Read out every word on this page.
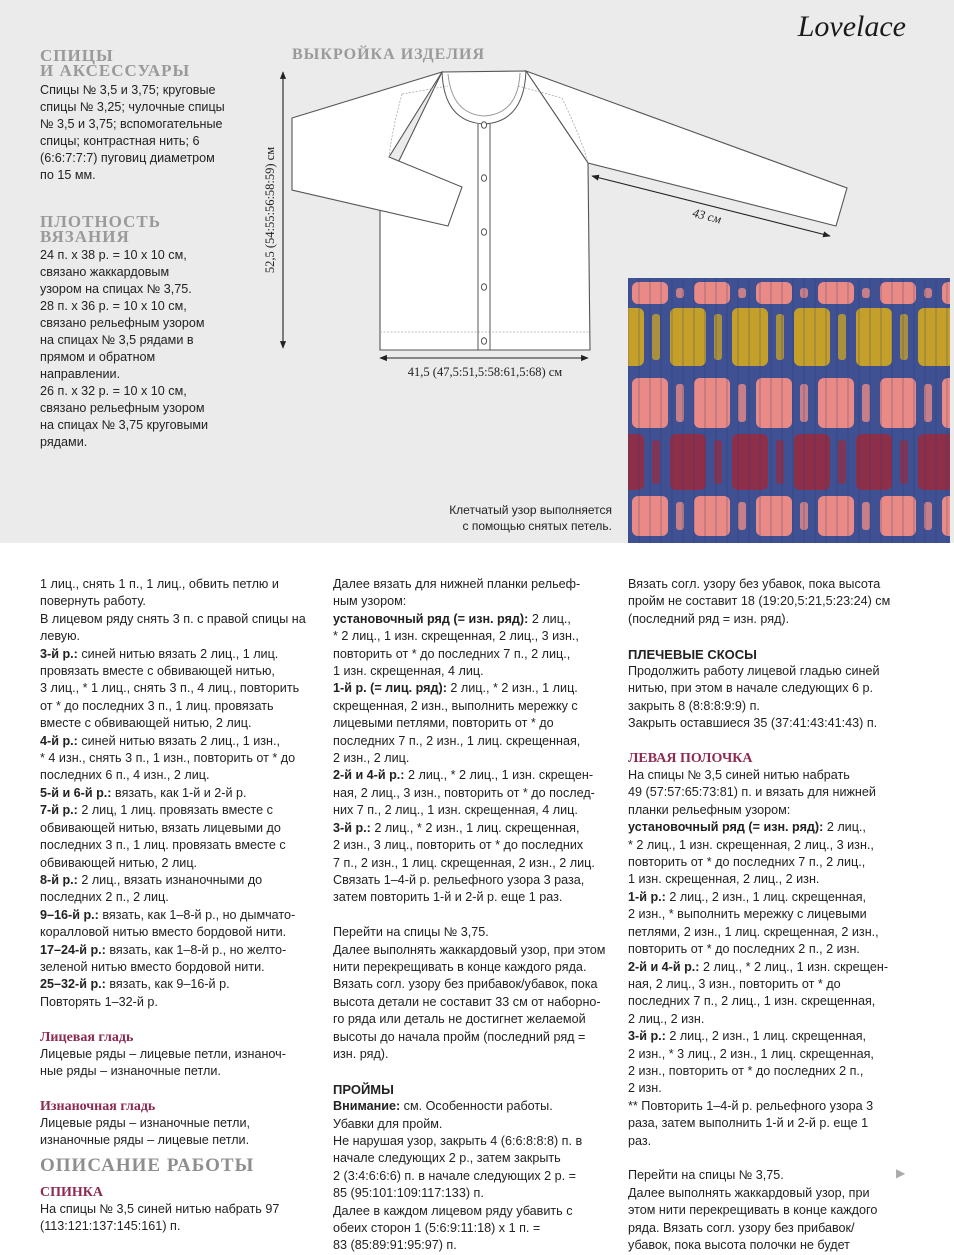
Lovelace
СПИЦЫ
И АКСЕССУАРЫ
Спицы № 3,5 и 3,75; круговые
спицы № 3,25; чулочные спицы
№ 3,5 и 3,75; вспомогательные
спицы; контрастная нить; 6
(6:6:7:7:7) пуговиц диаметром
по 15 мм.
ПЛОТНОСТЬ
ВЯЗАНИЯ
24 п. х 38 р. = 10 х 10 см,
связано жаккардовым
узором на спицах № 3,75.
28 п. х 36 р. = 10 х 10 см,
связано рельефным узором
на спицах № 3,5 рядами в
прямом и обратном
направлении.
26 п. х 32 р. = 10 х 10 см,
связано рельефным узором
на спицах № 3,75 круговыми
рядами.
ВЫКРОЙКА ИЗДЕЛИЯ
52,5 (54:55:56:58:59) см
41,5 (47,5:51,5:58:61,5:68) см
43 см
Клетчатый узор выполняется
с помощью снятых петель.

1 лиц., снять 1 п., 1 лиц., обвить петлю и
повернуть работу.
В лицевом ряду снять 3 п. с правой спицы на
левую.
3-й р.: синей нитью вязать 2 лиц., 1 лиц.
провязать вместе с обвивающей нитью,
3 лиц., * 1 лиц., снять 3 п., 4 лиц., повторить
от * до последних 3 п., 1 лиц. провязать
вместе с обвивающей нитью, 2 лиц.
4-й р.: синей нитью вязать 2 лиц., 1 изн.,
* 4 изн., снять 3 п., 1 изн., повторить от * до
последних 6 п., 4 изн., 2 лиц.
5-й и 6-й р.: вязать, как 1-й и 2-й р.
7-й р.: 2 лиц, 1 лиц. провязать вместе с
обвивающей нитью, вязать лицевыми до
последних 3 п., 1 лиц. провязать вместе с
обвивающей нитью, 2 лиц.
8-й р.: 2 лиц., вязать изнаночными до
последних 2 п., 2 лиц.
9–16-й р.: вязать, как 1–8-й р., но дымчато-
коралловой нитью вместо бордовой нити.
17–24-й р.: вязать, как 1–8-й р., но желто-
зеленой нитью вместо бордовой нити.
25–32-й р.: вязать, как 9–16-й р.
Повторять 1–32-й р.

Лицевая гладь

Лицевые ряды – лицевые петли, изнаноч-
ные ряды – изнаночные петли.

Изнаночная гладь

Лицевые ряды – изнаночные петли,
изнаночные ряды – лицевые петли.

ОПИСАНИЕ РАБОТЫ
СПИНКА

На спицы № 3,5 синей нитью набрать 97
(113:121:137:145:161) п.

Далее вязать для нижней планки рельеф-
ным узором:
установочный ряд (= изн. ряд): 2 лиц.,
* 2 лиц., 1 изн. скрещенная, 2 лиц., 3 изн.,
повторить от * до последних 7 п., 2 лиц.,
1 изн. скрещенная, 4 лиц.
1-й р. (= лиц. ряд): 2 лиц., * 2 изн., 1 лиц.
скрещенная, 2 изн., выполнить мережку с
лицевыми петлями, повторить от * до
последних 7 п., 2 изн., 1 лиц. скрещенная,
2 изн., 2 лиц.
2-й и 4-й р.: 2 лиц., * 2 лиц., 1 изн. скрещен-
ная, 2 лиц., 3 изн., повторить от * до послед-
них 7 п., 2 лиц., 1 изн. скрещенная, 4 лиц.
3-й р.: 2 лиц., * 2 изн., 1 лиц. скрещенная,
2 изн., 3 лиц., повторить от * до последних
7 п., 2 изн., 1 лиц. скрещенная, 2 изн., 2 лиц.
Связать 1–4-й р. рельефного узора 3 раза,
затем повторить 1-й и 2-й р. еще 1 раз.

Перейти на спицы № 3,75.
Далее выполнять жаккардовый узор, при этом
нити перекрещивать в конце каждого ряда.
Вязать согл. узору без прибавок/убавок, пока
высота детали не составит 33 см от наборно-
го ряда или деталь не достигнет желаемой
высоты до начала пройм (последний ряд =
изн. ряд).

ПРОЙМЫ

Внимание: см. Особенности работы.
Убавки для пройм.
Не нарушая узор, закрыть 4 (6:6:8:8:8) п. в
начале следующих 2 р., затем закрыть
2 (3:4:6:6:6) п. в начале следующих 2 р. =
85 (95:101:109:117:133) п.
Далее в каждом лицевом ряду убавить с
обеих сторон 1 (5:6:9:11:18) х 1 п. =
83 (85:89:91:95:97) п.

Вязать согл. узору без убавок, пока высота
пройм не составит 18 (19:20,5:21,5:23:24) см
(последний ряд = изн. ряд).

ПЛЕЧЕВЫЕ СКОСЫ

Продолжить работу лицевой гладью синей
нитью, при этом в начале следующих 6 р.
закрыть 8 (8:8:8:9:9) п.
Закрыть оставшиеся 35 (37:41:43:41:43) п.

ЛЕВАЯ ПОЛОЧКА

На спицы № 3,5 синей нитью набрать
49 (57:57:65:73:81) п. и вязать для нижней
планки рельефным узором:
установочный ряд (= изн. ряд): 2 лиц.,
* 2 лиц., 1 изн. скрещенная, 2 лиц., 3 изн.,
повторить от * до последних 7 п., 2 лиц.,
1 изн. скрещенная, 2 лиц., 2 изн.
1-й р.: 2 лиц., 2 изн., 1 лиц. скрещенная,
2 изн., * выполнить мережку с лицевыми
петлями, 2 изн., 1 лиц. скрещенная, 2 изн.,
повторить от * до последних 2 п., 2 изн.
2-й и 4-й р.: 2 лиц., * 2 лиц., 1 изн. скрещен-
ная, 2 лиц., 3 изн., повторить от * до
последних 7 п., 2 лиц., 1 изн. скрещенная,
2 лиц., 2 изн.
3-й р.: 2 лиц., 2 изн., 1 лиц. скрещенная,
2 изн., * 3 лиц., 2 изн., 1 лиц. скрещенная,
2 изн., повторить от * до последних 2 п.,
2 изн.
** Повторить 1–4-й р. рельефного узора 3
раза, затем выполнить 1-й и 2-й р. еще 1
раз.

Перейти на спицы № 3,75.
Далее выполнять жаккардовый узор, при
этом нити перекрещивать в конце каждого
ряда. Вязать согл. узору без прибавок/
убавок, пока высота полочки не будет

▶
